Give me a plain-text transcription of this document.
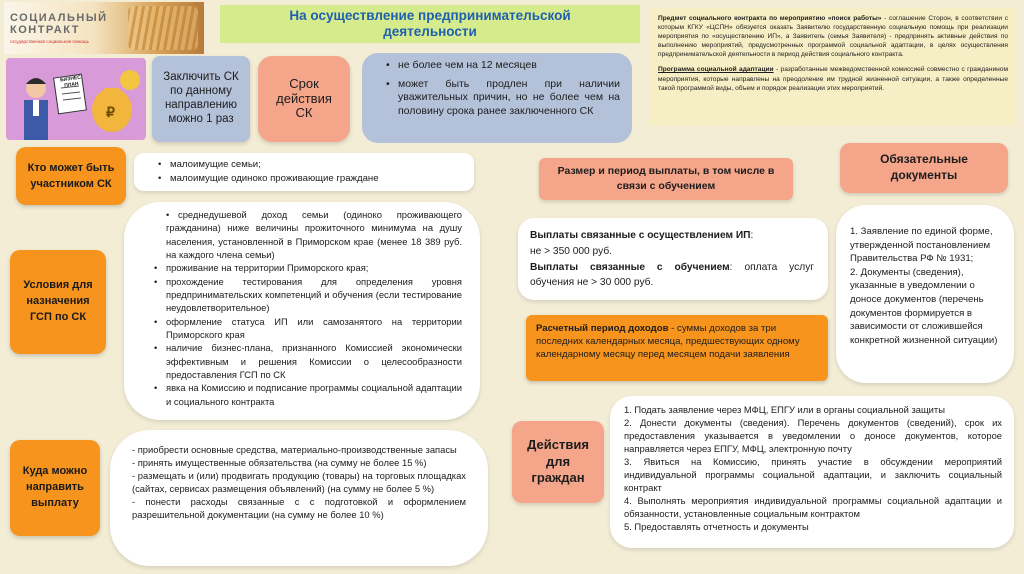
СОЦИАЛЬНЫЙ
КОНТРАКТ
государственная социальная помощь
На осуществление предпринимательской деятельности
БИЗНЕС ПЛАН
₽
Заключить СК по данному направлению можно 1 раз
Срок действия СК
• не более чем на 12 месяцев
• может быть продлен при наличии уважительных причин, но не более чем на половину срока ранее заключенного СК
Предмет социального контракта по мероприятию «поиск работы» - соглашение Сторон, в соответствии с которым КГКУ «ЦСПН» обязуется оказать Заявителю государственную социальную помощь при реализации мероприятия по «осуществлению ИП», а Заявитель (семья Заявителя) - предпринять активные действия по выполнению мероприятий, предусмотренных программой социальной адаптации, в целях осуществления предпринимательской деятельности в период действия социального контракта.
Программа социальной адаптации - разработанные межведомственной комиссией совместно с гражданином мероприятия, которые направлены на преодоление им трудной жизненной ситуации, а также определенные такой программой виды, объем и порядок реализации этих мероприятий.
Кто может быть участником СК
• малоимущие семьи;
• малоимущие одиноко проживающие граждане
Условия для назначения ГСП по СК
• среднедушевой доход семьи (одиноко проживающего гражданина) ниже величины прожиточного минимума на душу населения, установленной в Приморском крае (менее 18 389 руб. на каждого члена семьи)
• проживание на территории Приморского края;
• прохождение тестирования для определения уровня предпринимательских компетенций и обучения (если тестирование неудовлетворительное)
• оформление статуса ИП или самозанятого на территории Приморского края
• наличие бизнес-плана, признанного Комиссией экономически эффективным и решения Комиссии о целесообразности предоставления ГСП по СК
• явка на Комиссию и подписание программы социальной адаптации и социального контракта
Куда можно направить выплату
- приобрести основные средства, материально-производственные запасы
- принять имущественные обязательства (на сумму не более 15 %)
- размещать и (или) продвигать продукцию (товары) на торговых площадках (сайтах, сервисах размещения объявлений) (на сумму не более 5 %)
- понести расходы связанные с с подготовкой и оформлением разрешительной документации (на сумму не более 10 %)
Размер и период выплаты, в том числе в связи с обучением
Выплаты связанные с осуществлением ИП:
не > 350 000 руб.
Выплаты связанные с обучением: оплата услуг обучения не > 30 000 руб.
Расчетный период доходов - суммы доходов за три последних календарных месяца, предшествующих одному календарному месяцу перед месяцем подачи заявления
Обязательные документы
1. Заявление по единой форме, утвержденной постановлением Правительства РФ № 1931;
2. Документы (сведения), указанные в уведомлении о доносе документов (перечень документов формируется в зависимости от сложившейся конкретной жизненной ситуации)
Действия для граждан
1. Подать заявление через МФЦ, ЕПГУ или в органы социальной защиты
2. Донести документы (сведения). Перечень документов (сведений), срок их предоставления указывается в уведомлении о доносе документов, которое направляется через ЕПГУ, МФЦ, электронную почту
3. Явиться на Комиссию, принять участие в обсуждении мероприятий индивидуальной программы социальной адаптации, и заключить социальный контракт
4. Выполнять мероприятия индивидуальной программы социальной адаптации и обязанности, установленные социальным контрактом
5. Предоставлять отчетность и документы
